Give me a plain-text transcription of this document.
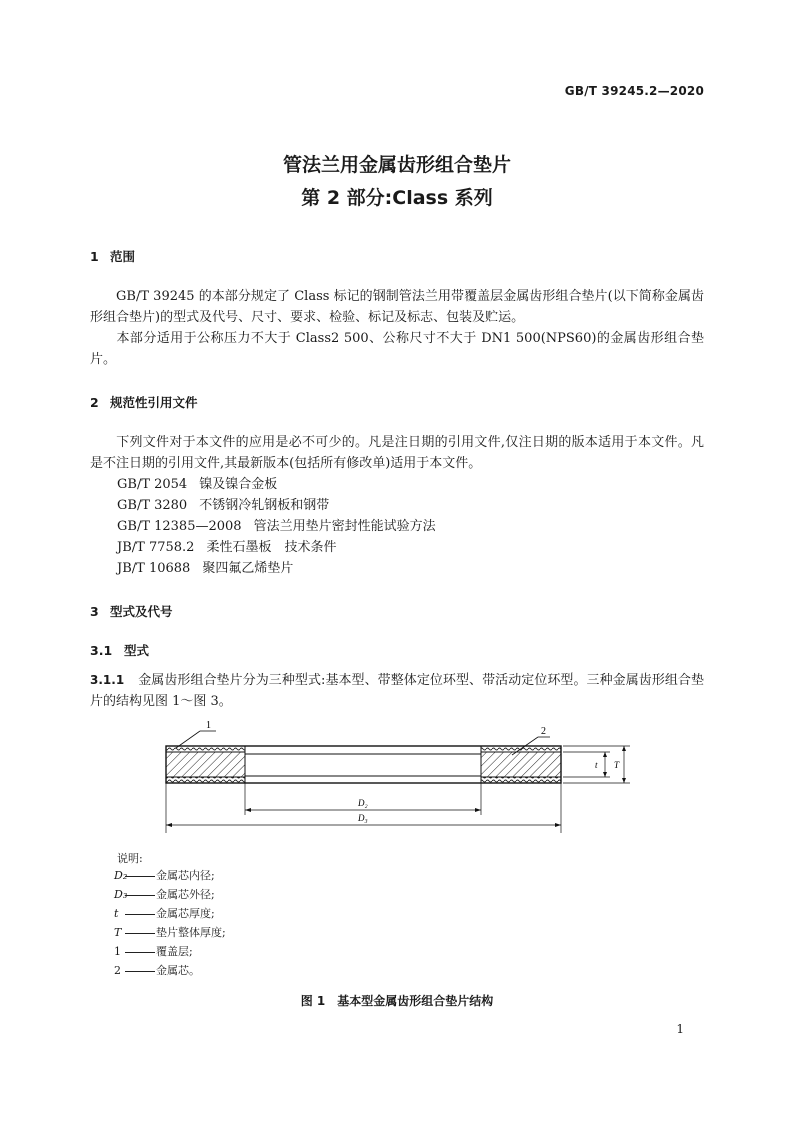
GB/T 39245.2—2020
管法兰用金属齿形组合垫片
第 2 部分:Class 系列
1 范围
GB/T 39245 的本部分规定了 Class 标记的钢制管法兰用带覆盖层金属齿形组合垫片(以下简称金属齿形组合垫片)的型式及代号、尺寸、要求、检验、标记及标志、包装及贮运。
本部分适用于公称压力不大于 Class2 500、公称尺寸不大于 DN1 500(NPS60)的金属齿形组合垫片。
2 规范性引用文件
下列文件对于本文件的应用是必不可少的。凡是注日期的引用文件,仅注日期的版本适用于本文件。凡是不注日期的引用文件,其最新版本(包括所有修改单)适用于本文件。
GB/T 2054 镍及镍合金板
GB/T 3280 不锈钢冷轧钢板和钢带
GB/T 12385—2008 管法兰用垫片密封性能试验方法
JB/T 7758.2 柔性石墨板　技术条件
JB/T 10688 聚四氟乙烯垫片
3 型式及代号
3.1 型式
3.1.1 金属齿形组合垫片分为三种型式:基本型、带整体定位环型、带活动定位环型。三种金属齿形组合垫片的结构见图 1～图 3。
1
2
t T
D₂
D₃
说明:
D₂	金属芯内径;
D₃	金属芯外径;
t	金属芯厚度;
T	垫片整体厚度;
1	覆盖层;
2	金属芯。
图 1　基本型金属齿形组合垫片结构
1
